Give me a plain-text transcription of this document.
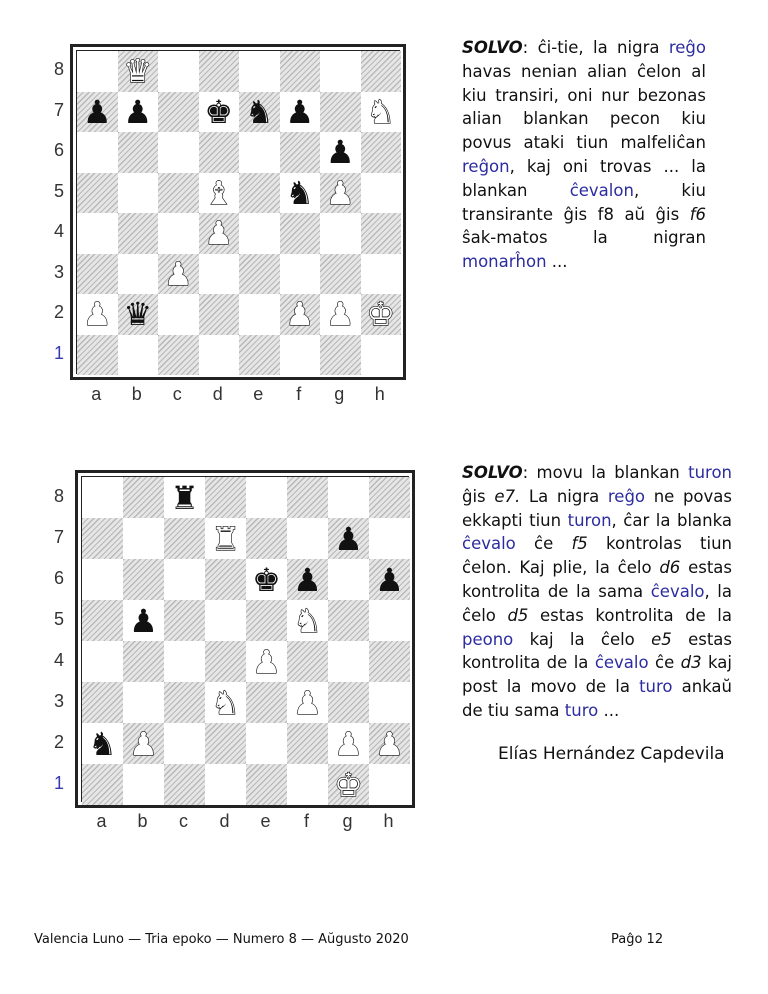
♛
♟ ♟ ♚ ♞ ♟ ♞
♟
♝ ♞ ♟
♟
♟
♟ ♛	♟ ♟ ♚
8
7
6
5
4
3
2
1
a	b	c	d	e	f	g	h
SOLVO: ĉi-tie, la nigra reĝo havas nenian alian ĉelon al kiu transiri, oni nur bezonas alian blankan pecon kiu povus ataki tiun malfeliĉan reĝon, kaj oni trovas ... la blankan ĉevalon, kiu transirante ĝis f8 aŭ ĝis f6 ŝak-matos la nigran monarĥon ...
♜
♜	♟
♚ ♟ ♟
♟	♞
♟
♞ ♟
♞ ♟	♟ ♟
♚
8
7
6
5
4
3
2
1
a	b	c	d	e	f	g	h
SOLVO: movu la blankan turon ĝis e7. La nigra reĝo ne povas ekkapti tiun turon, ĉar la blanka ĉevalo ĉe f5 kontrolas tiun ĉelon. Kaj plie, la ĉelo d6 estas kontrolita de la sama ĉevalo, la ĉelo d5 estas kontrolita de la peono kaj la ĉelo e5 estas kontrolita de la ĉevalo ĉe d3 kaj post la movo de la turo ankaŭ de tiu sama turo ...
Elías Hernández Capdevila
Valencia Luno — Tria epoko — Numero 8 — Aŭgusto 2020	Paĝo 12
